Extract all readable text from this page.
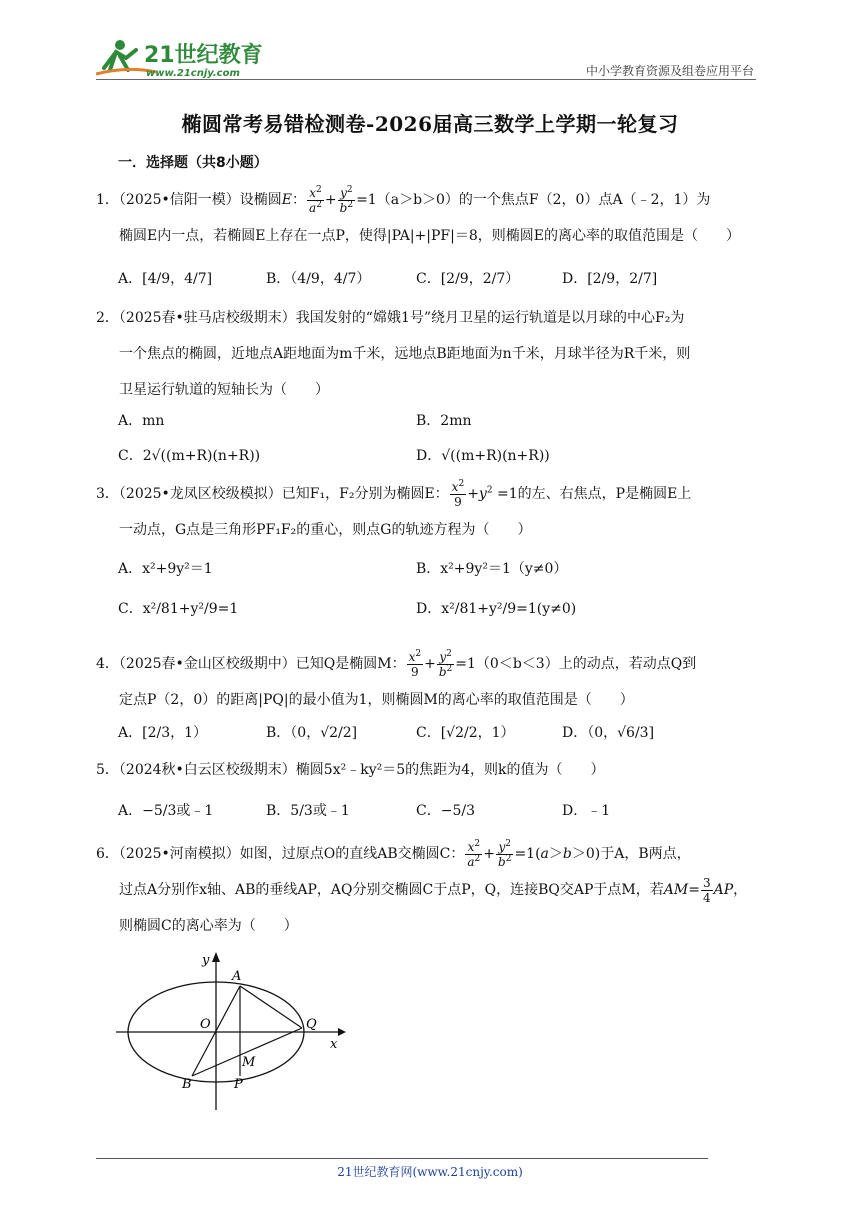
21世纪教育
www.21cnjy.com	中小学教育资源及组卷应用平台
椭圆常考易错检测卷-2026届高三数学上学期一轮复习
一．选择题（共8小题）
1．（2025•信阳一模）设椭圆E： $\frac{x^2}{a^2} + \frac{y^2}{b^2} =1(a>b>0)$的一个焦点F（2，0）点A（﹣2，1）为
椭圆E内一点，若椭圆E上存在一点P，使得|PA|+|PF|＝8，则椭圆E的离心率的取值范围是（　　）
A．[4/9，4/7]	B．（4/9，4/7）	C．[2/9，2/7）	D．[2/9，2/7]
2．（2025春•驻马店校级期末）我国发射的“嫦娥1号”绕月卫星的运行轨道是以月球的中心F₂为
一个焦点的椭圆，近地点A距地面为m千米，远地点B距地面为n千米，月球半径为R千米，则
卫星运行轨道的短轴长为（　　）
A．mn	B．2mn
C．2√((m+R)(n+R))	D．√((m+R)(n+R))
3．（2025•龙凤区校级模拟）已知F₁，F₂分别为椭圆E： $\frac{x^2}{9} +y^2 =1$的左、右焦点，P是椭圆E上
一动点，G点是三角形PF₁F₂的重心，则点G的轨迹方程为（　　）
A．x²+9y²＝1	B．x²+9y²＝1（y≠0）
C．x²/81+y²/9=1	D．x²/81+y²/9=1(y≠0)
4．（2025春•金山区校级期中）已知Q是椭圆M： $\frac{x^2}{9} + \frac{y^2}{b^2} =1(0<b<3)$上的动点，若动点Q到
定点P（2，0）的距离|PQ|的最小值为1，则椭圆M的离心率的取值范围是（　　）
A．[2/3，1）	B．（0，√2/2]	C．[√2/2，1）	D．（0，√6/3]
5．（2024秋•白云区校级期末）椭圆5x²﹣ky²＝5的焦距为4，则k的值为（　　）
A．−5/3或﹣1	B．5/3或﹣1	C．−5/3	D．﹣1
6．（2025•河南模拟）如图，过原点O的直线AB交椭圆C： $\frac{x^2}{a^2} + \frac{y^2}{b^2} =1(a>b>0)$于A，B两点，
过点A分别作x轴、AB的垂线AP，AQ分别交椭圆C于点P，Q，连接BQ交AP于点M，若$AM= \frac{3}{4}$ AP，
则椭圆C的离心率为（　　）
A
O	Q
M
B	P
y
x
21世纪教育网(www.21cnjy.com)
